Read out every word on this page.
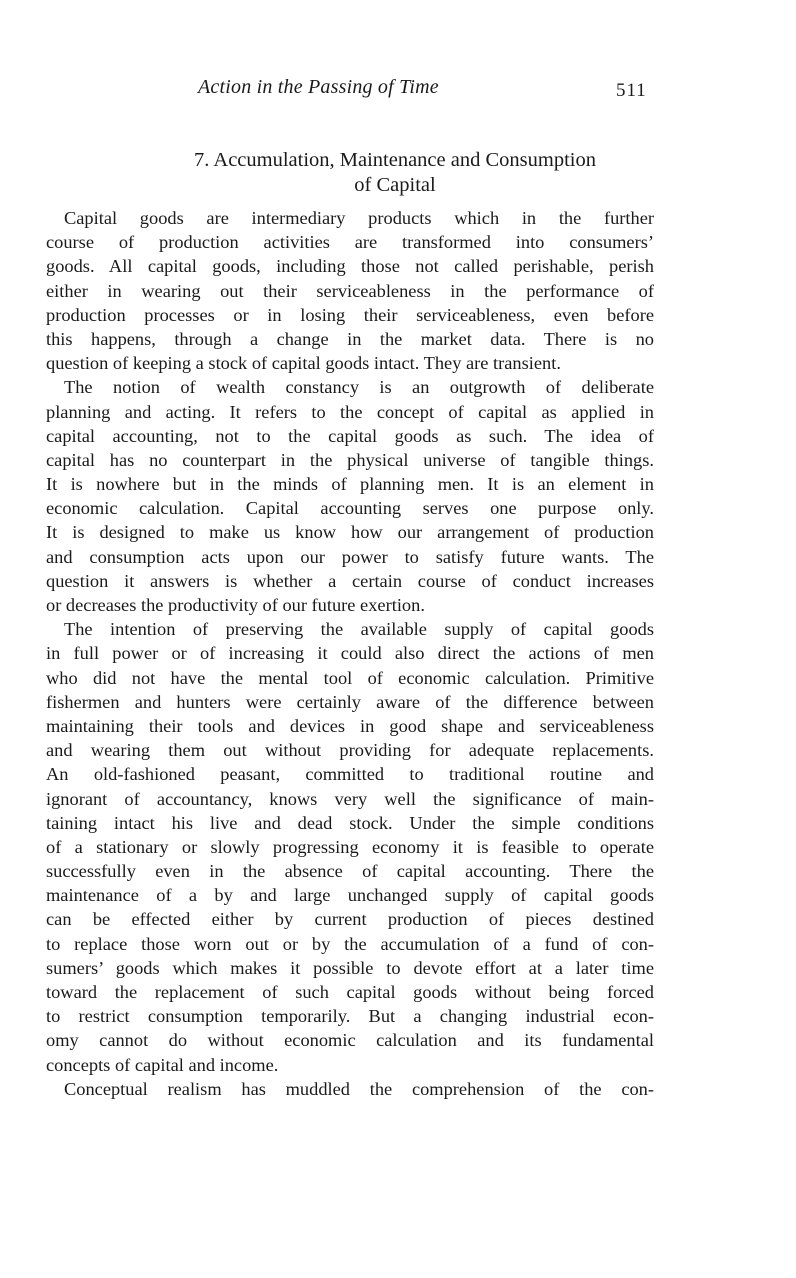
Action in the Passing of Time	511
7. Accumulation, Maintenance and Consumption
of Capital
Capital goods are intermediary products which in the further
course of production activities are transformed into consumers’
goods. All capital goods, including those not called perishable, perish
either in wearing out their serviceableness in the performance of
production processes or in losing their serviceableness, even before
this happens, through a change in the market data. There is no
question of keeping a stock of capital goods intact. They are transient.
The notion of wealth constancy is an outgrowth of deliberate
planning and acting. It refers to the concept of capital as applied in
capital accounting, not to the capital goods as such. The idea of
capital has no counterpart in the physical universe of tangible things.
It is nowhere but in the minds of planning men. It is an element in
economic calculation. Capital accounting serves one purpose only.
It is designed to make us know how our arrangement of production
and consumption acts upon our power to satisfy future wants. The
question it answers is whether a certain course of conduct increases
or decreases the productivity of our future exertion.
The intention of preserving the available supply of capital goods
in full power or of increasing it could also direct the actions of men
who did not have the mental tool of economic calculation. Primitive
fishermen and hunters were certainly aware of the difference between
maintaining their tools and devices in good shape and serviceableness
and wearing them out without providing for adequate replacements.
An old-fashioned peasant, committed to traditional routine and
ignorant of accountancy, knows very well the significance of main-
taining intact his live and dead stock. Under the simple conditions
of a stationary or slowly progressing economy it is feasible to operate
successfully even in the absence of capital accounting. There the
maintenance of a by and large unchanged supply of capital goods
can be effected either by current production of pieces destined
to replace those worn out or by the accumulation of a fund of con-
sumers’ goods which makes it possible to devote effort at a later time
toward the replacement of such capital goods without being forced
to restrict consumption temporarily. But a changing industrial econ-
omy cannot do without economic calculation and its fundamental
concepts of capital and income.
Conceptual realism has muddled the comprehension of the con-
